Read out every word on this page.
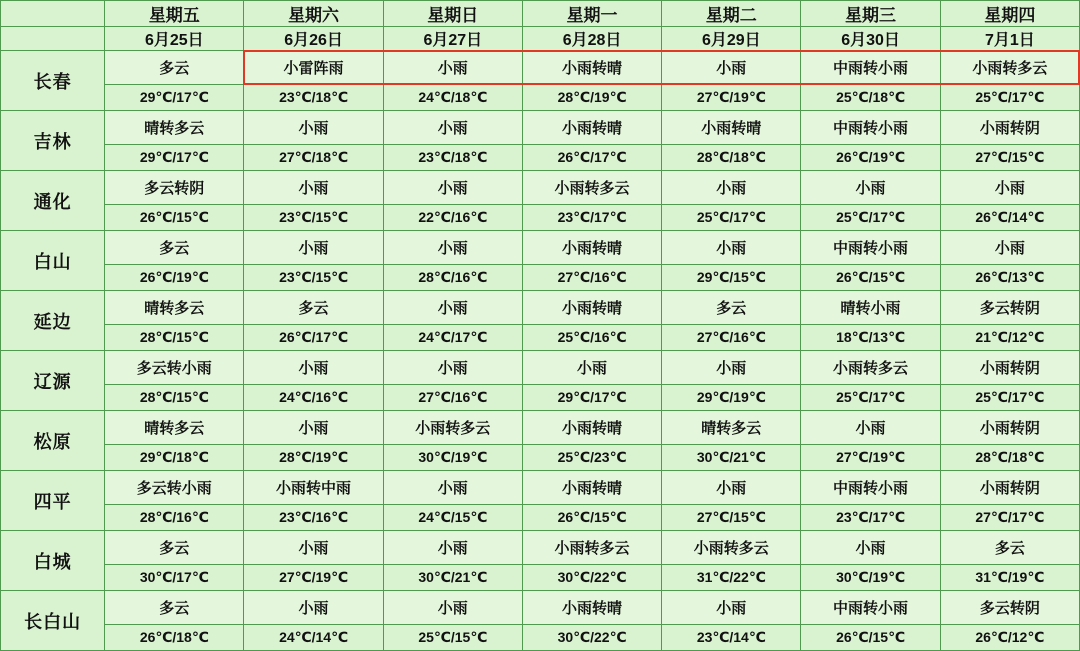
	星期五	星期六	星期日	星期一	星期二	星期三	星期四
	6月25日	6月26日	6月27日	6月28日	6月29日	6月30日	7月1日
长春	多云	小雷阵雨	小雨	小雨转晴	小雨	中雨转小雨	小雨转多云
	29℃/17℃	23℃/18℃	24℃/18℃	28℃/19℃	27℃/19℃	25℃/18℃	25℃/17℃
吉林	晴转多云	小雨	小雨	小雨转晴	小雨转晴	中雨转小雨	小雨转阴
	29℃/17℃	27℃/18℃	23℃/18℃	26℃/17℃	28℃/18℃	26℃/19℃	27℃/15℃
通化	多云转阴	小雨	小雨	小雨转多云	小雨	小雨	小雨
	26℃/15℃	23℃/15℃	22℃/16℃	23℃/17℃	25℃/17℃	25℃/17℃	26℃/14℃
白山	多云	小雨	小雨	小雨转晴	小雨	中雨转小雨	小雨
	26℃/19℃	23℃/15℃	28℃/16℃	27℃/16℃	29℃/15℃	26℃/15℃	26℃/13℃
延边	晴转多云	多云	小雨	小雨转晴	多云	晴转小雨	多云转阴
	28℃/15℃	26℃/17℃	24℃/17℃	25℃/16℃	27℃/16℃	18℃/13℃	21℃/12℃
辽源	多云转小雨	小雨	小雨	小雨	小雨	小雨转多云	小雨转阴
	28℃/15℃	24℃/16℃	27℃/16℃	29℃/17℃	29℃/19℃	25℃/17℃	25℃/17℃
松原	晴转多云	小雨	小雨转多云	小雨转晴	晴转多云	小雨	小雨转阴
	29℃/18℃	28℃/19℃	30℃/19℃	25℃/23℃	30℃/21℃	27℃/19℃	28℃/18℃
四平	多云转小雨	小雨转中雨	小雨	小雨转晴	小雨	中雨转小雨	小雨转阴
	28℃/16℃	23℃/16℃	24℃/15℃	26℃/15℃	27℃/15℃	23℃/17℃	27℃/17℃
白城	多云	小雨	小雨	小雨转多云	小雨转多云	小雨	多云
	30℃/17℃	27℃/19℃	30℃/21℃	30℃/22℃	31℃/22℃	30℃/19℃	31℃/19℃
长白山	多云	小雨	小雨	小雨转晴	小雨	中雨转小雨	多云转阴
	26℃/18℃	24℃/14℃	25℃/15℃	30℃/22℃	23℃/14℃	26℃/15℃	26℃/12℃
